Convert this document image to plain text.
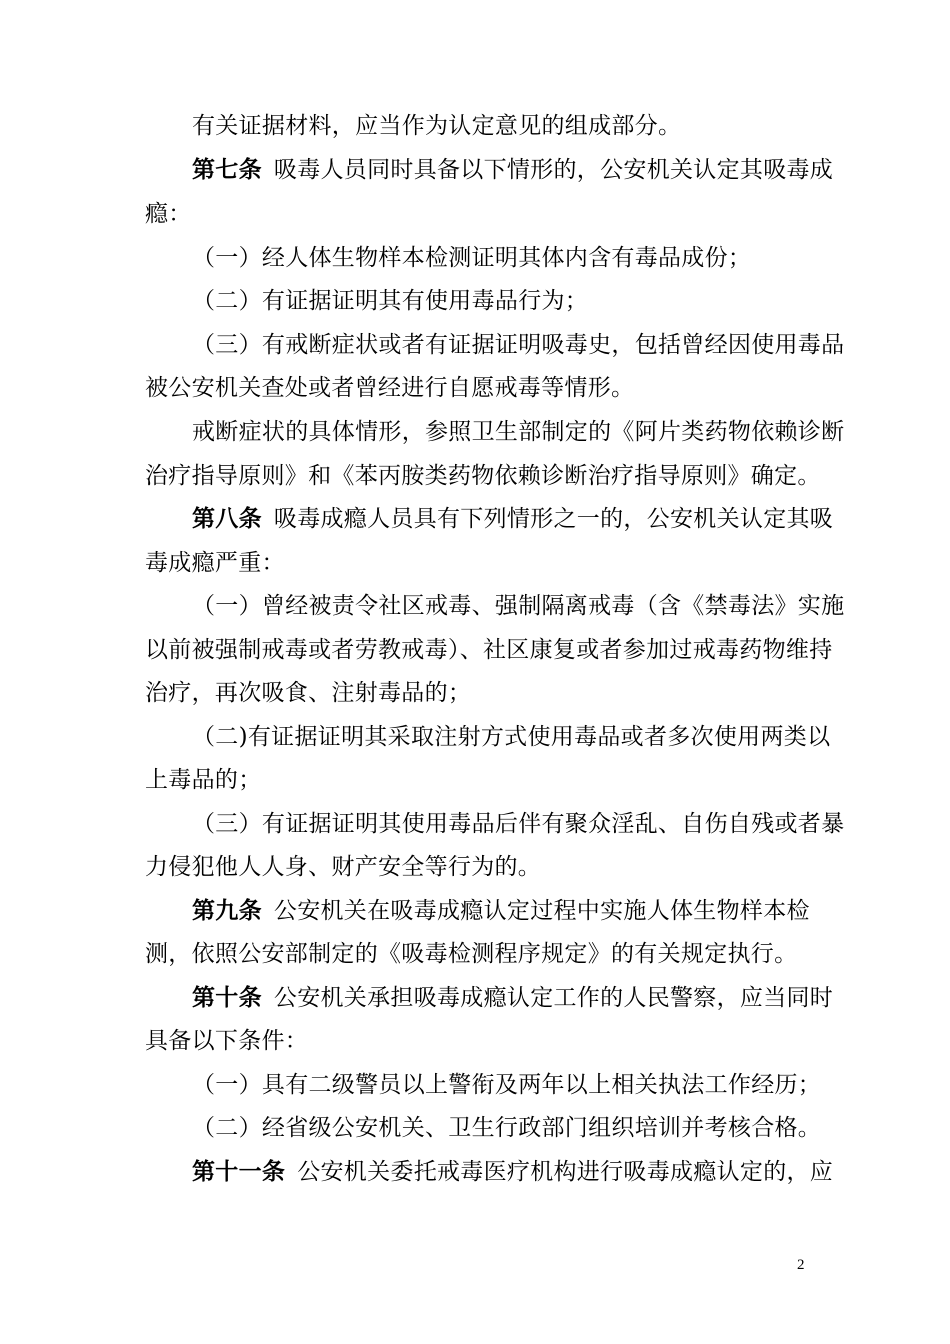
有关证据材料，应当作为认定意见的组成部分。
第七条 吸毒人员同时具备以下情形的，公安机关认定其吸毒成
瘾：
（一）经人体生物样本检测证明其体内含有毒品成份；
（二）有证据证明其有使用毒品行为；
（三）有戒断症状或者有证据证明吸毒史，包括曾经因使用毒品
被公安机关查处或者曾经进行自愿戒毒等情形。
戒断症状的具体情形，参照卫生部制定的《阿片类药物依赖诊断
治疗指导原则》和《苯丙胺类药物依赖诊断治疗指导原则》确定。
第八条 吸毒成瘾人员具有下列情形之一的，公安机关认定其吸
毒成瘾严重：
（一）曾经被责令社区戒毒、强制隔离戒毒（含《禁毒法》实施
以前被强制戒毒或者劳教戒毒）、社区康复或者参加过戒毒药物维持
治疗，再次吸食、注射毒品的；
（二)有证据证明其采取注射方式使用毒品或者多次使用两类以
上毒品的；
（三）有证据证明其使用毒品后伴有聚众淫乱、自伤自残或者暴
力侵犯他人人身、财产安全等行为的。
第九条 公安机关在吸毒成瘾认定过程中实施人体生物样本检
测，依照公安部制定的《吸毒检测程序规定》的有关规定执行。
第十条 公安机关承担吸毒成瘾认定工作的人民警察，应当同时
具备以下条件：
（一）具有二级警员以上警衔及两年以上相关执法工作经历；
（二）经省级公安机关、卫生行政部门组织培训并考核合格。
第十一条 公安机关委托戒毒医疗机构进行吸毒成瘾认定的，应
2
